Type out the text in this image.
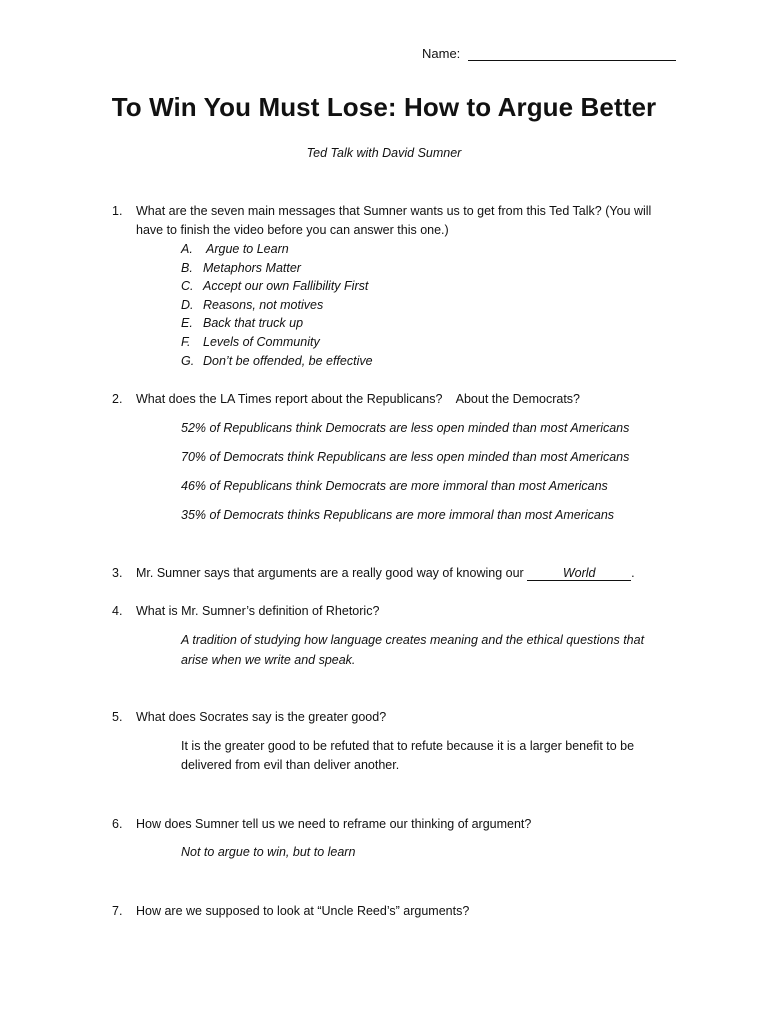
Name:
To Win You Must Lose: How to Argue Better
Ted Talk with David Sumner
1. What are the seven main messages that Sumner wants us to get from this Ted Talk? (You will have to finish the video before you can answer this one.)
A. Argue to Learn
B. Metaphors Matter
C. Accept our own Fallibility First
D. Reasons, not motives
E. Back that truck up
F.	Levels of Community
G. Don’t be offended, be effective
2. What does the LA Times report about the Republicans?    About the Democrats?
52% of Republicans think Democrats are less open minded than most Americans
70% of Democrats think Republicans are less open minded than most Americans
46% of Republicans think Democrats are more immoral than most Americans
35% of Democrats thinks Republicans are more immoral than most Americans
3. Mr. Sumner says that arguments are a really good way of knowing our	World	.
4. What is Mr. Sumner’s definition of Rhetoric?
A tradition of studying how language creates meaning and the ethical questions that arise when we write and speak.
5. What does Socrates say is the greater good?
It is the greater good to be refuted that to refute because it is a larger benefit to be delivered from evil than deliver another.
6. How does Sumner tell us we need to reframe our thinking of argument?
Not to argue to win, but to learn
7. How are we supposed to look at “Uncle Reed’s” arguments?
